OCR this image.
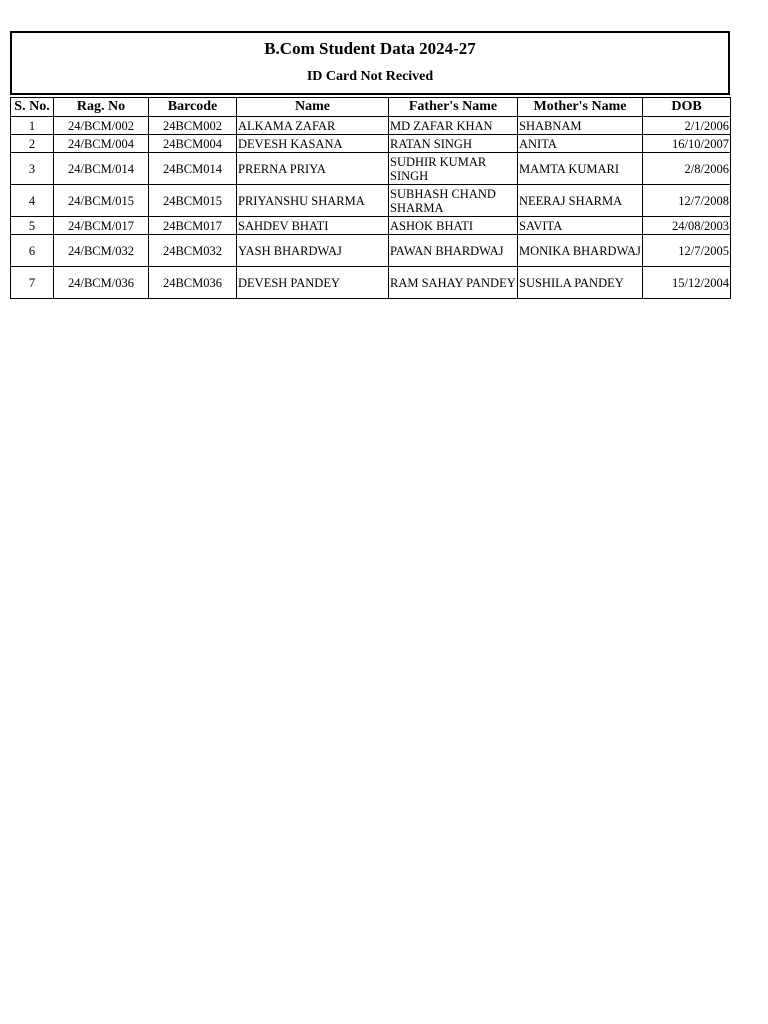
B.Com Student Data 2024-27
ID Card Not Recived
S. No.	Rag. No	Barcode	Name	Father's Name	Mother's Name	DOB
1	24/BCM/002	24BCM002	ALKAMA ZAFAR	MD ZAFAR KHAN	SHABNAM	2/1/2006
2	24/BCM/004	24BCM004	DEVESH KASANA	RATAN SINGH	ANITA	16/10/2007
3	24/BCM/014	24BCM014	PRERNA PRIYA	SUDHIR KUMAR SINGH	MAMTA KUMARI	2/8/2006
4	24/BCM/015	24BCM015	PRIYANSHU SHARMA	SUBHASH CHAND SHARMA	NEERAJ SHARMA	12/7/2008
5	24/BCM/017	24BCM017	SAHDEV BHATI	ASHOK BHATI	SAVITA	24/08/2003
6	24/BCM/032	24BCM032	YASH BHARDWAJ	PAWAN BHARDWAJ	MONIKA BHARDWAJ	12/7/2005
7	24/BCM/036	24BCM036	DEVESH PANDEY	RAM SAHAY PANDEY	SUSHILA PANDEY	15/12/2004
